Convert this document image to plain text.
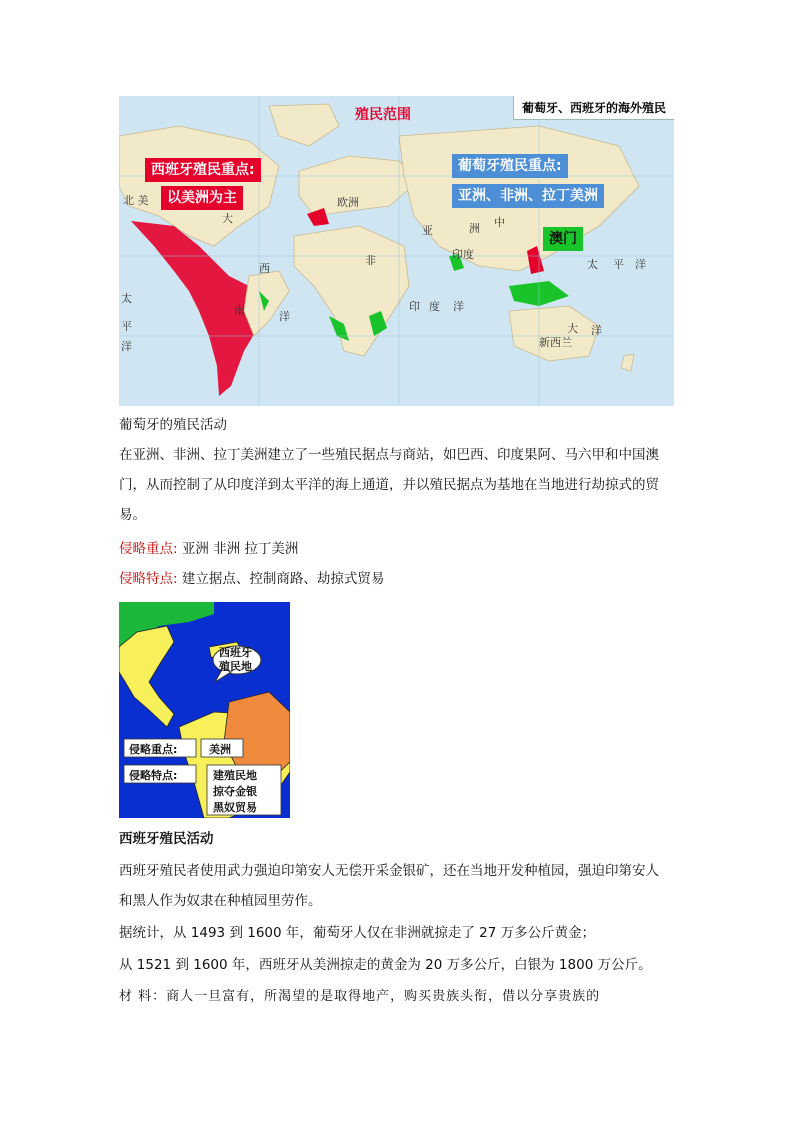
葡萄牙、西班牙的海外殖民
殖民范围
西班牙殖民重点:
以美洲为主
葡萄牙殖民重点:
亚洲、非洲、拉丁美洲
澳门
北 美	欧洲
亚	洲 中
印度
非
印 度 洋
太
平
洋
太 平 洋
大
西
洋
南
大 洋
新西兰
葡萄牙的殖民活动
在亚洲、非洲、拉丁美洲建立了一些殖民据点与商站，如巴西、印度果阿、马六甲和中国澳
门，从而控制了从印度洋到太平洋的海上通道，并以殖民据点为基地在当地进行劫掠式的贸
易。
侵略重点: 亚洲 非洲 拉丁美洲
侵略特点: 建立据点、控制商路、劫掠式贸易
西班牙
殖民地
侵略重点:	美洲
侵略特点:	建殖民地
掠夺金银
黑奴贸易
西班牙殖民活动
西班牙殖民者使用武力强迫印第安人无偿开采金银矿，还在当地开发种植园，强迫印第安人
和黑人作为奴隶在种植园里劳作。
据统计，从 1493 到 1600 年，葡萄牙人仅在非洲就掠走了 27 万多公斤黄金；
从 1521 到 1600 年，西班牙从美洲掠走的黄金为 20 万多公斤，白银为 1800 万公斤。
材 料：商人一旦富有，所渴望的是取得地产，购买贵族头衔，借以分享贵族的
